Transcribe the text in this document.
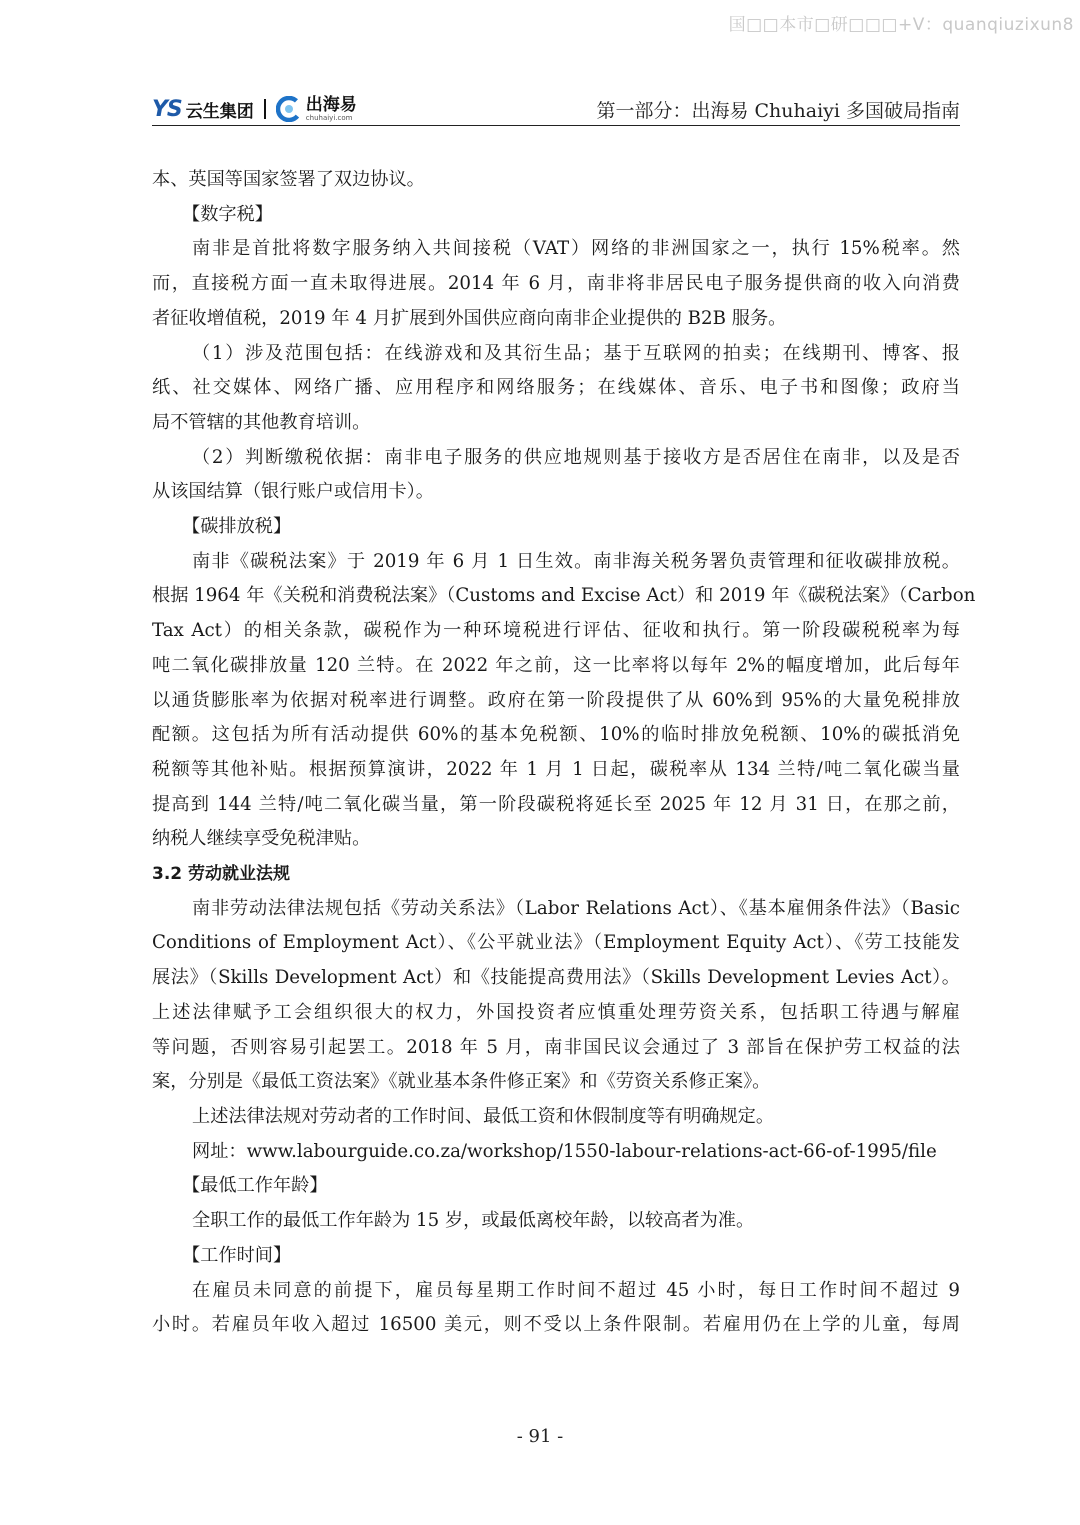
国□□本市□研□□□+V：quanqiuzixun8
YS 云生集团	出海易
chuhaiyi.com	第一部分：出海易 Chuhaiyi 多国破局指南
本、英国等国家签署了双边协议。
【数字税】
南非是首批将数字服务纳入共间接税（VAT）网络的非洲国家之一，执行 15%税率。然
而，直接税方面一直未取得进展。2014 年 6 月，南非将非居民电子服务提供商的收入向消费
者征收增值税，2019 年 4 月扩展到外国供应商向南非企业提供的 B2B 服务。
（1）涉及范围包括：在线游戏和及其衍生品；基于互联网的拍卖；在线期刊、博客、报
纸、社交媒体、网络广播、应用程序和网络服务；在线媒体、音乐、电子书和图像；政府当
局不管辖的其他教育培训。
（2）判断缴税依据：南非电子服务的供应地规则基于接收方是否居住在南非，以及是否
从该国结算（银行账户或信用卡）。
【碳排放税】
南非《碳税法案》于 2019 年 6 月 1 日生效。南非海关税务署负责管理和征收碳排放税。
根据 1964 年《关税和消费税法案》（Customs and Excise Act）和 2019 年《碳税法案》（Carbon
Tax Act）的相关条款，碳税作为一种环境税进行评估、征收和执行。第一阶段碳税税率为每
吨二氧化碳排放量 120 兰特。在 2022 年之前，这一比率将以每年 2%的幅度增加，此后每年
以通货膨胀率为依据对税率进行调整。政府在第一阶段提供了从 60%到 95%的大量免税排放
配额。这包括为所有活动提供 60%的基本免税额、10%的临时排放免税额、10%的碳抵消免
税额等其他补贴。根据预算演讲，2022 年 1 月 1 日起，碳税率从 134 兰特/吨二氧化碳当量
提高到 144 兰特/吨二氧化碳当量，第一阶段碳税将延长至 2025 年 12 月 31 日，在那之前，
纳税人继续享受免税津贴。
3.2 劳动就业法规
南非劳动法律法规包括《劳动关系法》（Labor Relations Act）、《基本雇佣条件法》（Basic
Conditions of Employment Act）、《公平就业法》（Employment Equity Act）、《劳工技能发
展法》（Skills Development Act）和《技能提高费用法》（Skills Development Levies Act）。
上述法律赋予工会组织很大的权力，外国投资者应慎重处理劳资关系，包括职工待遇与解雇
等问题，否则容易引起罢工。2018 年 5 月，南非国民议会通过了 3 部旨在保护劳工权益的法
案，分别是《最低工资法案》《就业基本条件修正案》和《劳资关系修正案》。
上述法律法规对劳动者的工作时间、最低工资和休假制度等有明确规定。
网址：www.labourguide.co.za/workshop/1550-labour-relations-act-66-of-1995/file
【最低工作年龄】
全职工作的最低工作年龄为 15 岁，或最低离校年龄，以较高者为准。
【工作时间】
在雇员未同意的前提下，雇员每星期工作时间不超过 45 小时，每日工作时间不超过 9
小时。若雇员年收入超过 16500 美元，则不受以上条件限制。若雇用仍在上学的儿童，每周
- 91 -
